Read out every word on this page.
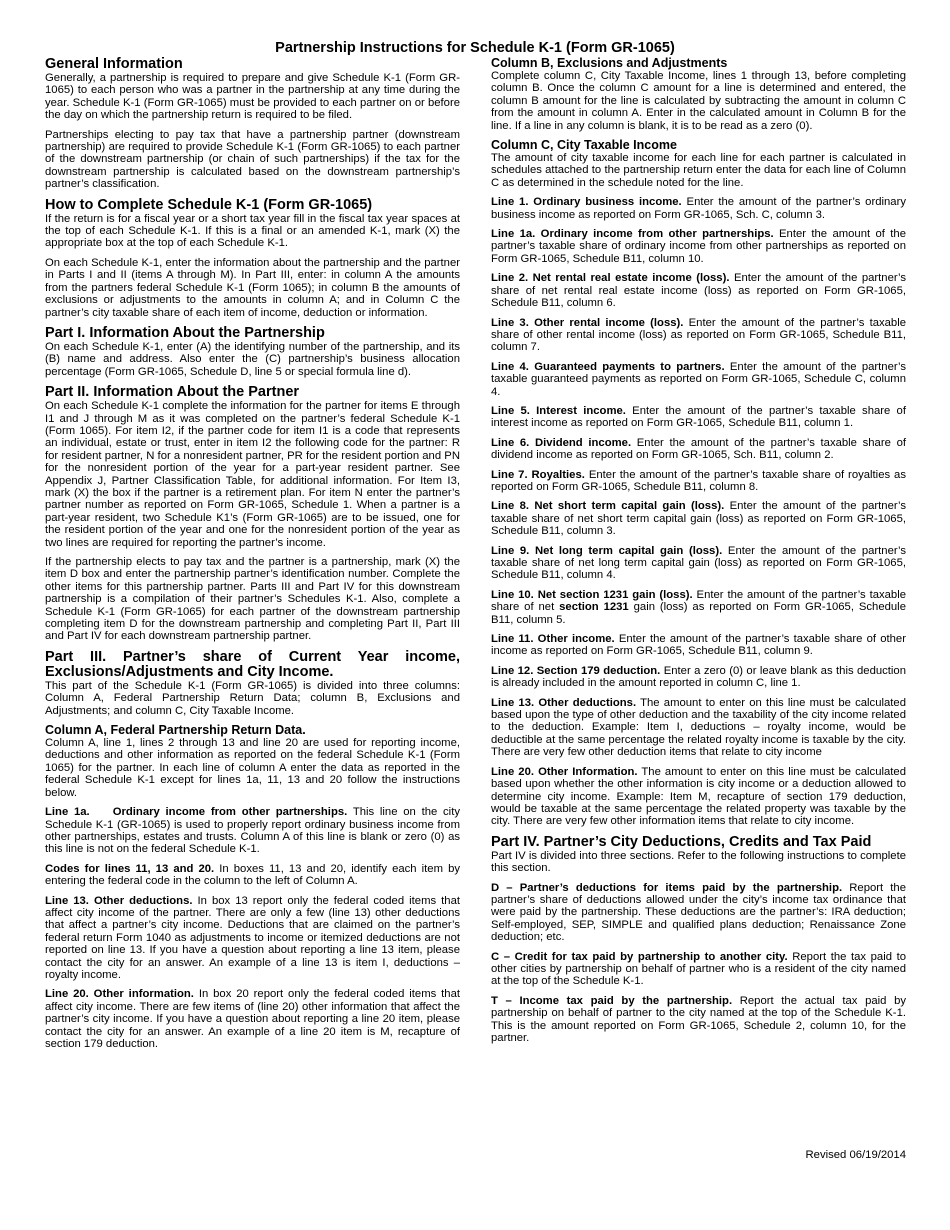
Partnership Instructions for Schedule K-1 (Form GR-1065)
General Information

Generally, a partnership is required to prepare and give Schedule K-1 (Form GR-1065) to each person who was a partner in the partnership at any time during the year. Schedule K-1 (Form GR-1065) must be provided to each partner on or before the day on which the partnership return is required to be filed.

Partnerships electing to pay tax that have a partnership partner (downstream partnership) are required to provide Schedule K-1 (Form GR-1065) to each partner of the downstream partnership (or chain of such partnerships) if the tax for the downstream partnership is calculated based on the downstream partnership’s partner’s classification.

How to Complete Schedule K-1 (Form GR-1065)

If the return is for a fiscal year or a short tax year fill in the fiscal tax year spaces at the top of each Schedule K-1. If this is a final or an amended K-1, mark (X) the appropriate box at the top of each Schedule K-1.

On each Schedule K-1, enter the information about the partnership and the partner in Parts I and II (items A through M). In Part III, enter: in column A the amounts from the partners federal Schedule K-1 (Form 1065); in column B the amounts of exclusions or adjustments to the amounts in column A; and in Column C the partner’s city taxable share of each item of income, deduction or information.

Part I. Information About the Partnership

On each Schedule K-1, enter (A) the identifying number of the partnership, and its (B) name and address. Also enter the (C) partnership’s business allocation percentage (Form GR-1065, Schedule D, line 5 or special formula line d).

Part II. Information About the Partner

On each Schedule K-1 complete the information for the partner for items E through I1 and J through M as it was completed on the partner’s federal Schedule K-1 (Form 1065). For item I2, if the partner code for item I1 is a code that represents an individual, estate or trust, enter in item I2 the following code for the partner: R for resident partner, N for a nonresident partner, PR for the resident portion and PN for the nonresident portion of the year for a part-year resident partner. See Appendix J, Partner Classification Table, for additional information. For Item I3, mark (X) the box if the partner is a retirement plan. For item N enter the partner’s partner number as reported on Form GR-1065, Schedule 1. When a partner is a part-year resident, two Schedule K1’s (Form GR-1065) are to be issued, one for the resident portion of the year and one for the nonresident portion of the year as two lines are required for reporting the partner’s income.

If the partnership elects to pay tax and the partner is a partnership, mark (X) the item D box and enter the partnership partner’s identification number. Complete the other items for this partnership partner. Parts III and Part IV for this downstream partnership is a compilation of their partner’s Schedules K-1. Also, complete a Schedule K-1 (Form GR-1065) for each partner of the downstream partnership completing item D for the downstream partnership and completing Part II, Part III and Part IV for each downstream partnership partner.

Part III. Partner’s share of Current Year income, Exclusions/Adjustments and City Income.

This part of the Schedule K-1 (Form GR-1065) is divided into three columns: Column A, Federal Partnership Return Data; column B, Exclusions and Adjustments; and column C, City Taxable Income.

Column A, Federal Partnership Return Data.

Column A, line 1, lines 2 through 13 and line 20 are used for reporting income, deductions and other information as reported on the federal Schedule K-1 (Form 1065) for the partner. In each line of column A enter the data as reported in the federal Schedule K-1 except for lines 1a, 11, 13 and 20 follow the instructions below.

Line 1a.    Ordinary income from other partnerships. This line on the city Schedule K-1 (GR-1065) is used to properly report ordinary business income from other partnerships, estates and trusts. Column A of this line is blank or zero (0) as this line is not on the federal Schedule K-1.

Codes for lines 11, 13 and 20. In boxes 11, 13 and 20, identify each item by entering the federal code in the column to the left of Column A.

Line 13. Other deductions. In box 13 report only the federal coded items that affect city income of the partner. There are only a few (line 13) other deductions that affect a partner’s city income. Deductions that are claimed on the partner’s federal return Form 1040 as adjustments to income or itemized deductions are not reported on line 13. If you have a question about reporting a line 13 item, please contact the city for an answer. An example of a line 13 is item I, deductions – royalty income.

Line 20. Other information. In box 20 report only the federal coded items that affect city income. There are few items of (line 20) other information that affect the partner’s city income. If you have a question about reporting a line 20 item, please contact the city for an answer. An example of a line 20 item is M, recapture of section 179 deduction.

Column B, Exclusions and Adjustments

Complete column C, City Taxable Income, lines 1 through 13, before completing column B. Once the column C amount for a line is determined and entered, the column B amount for the line is calculated by subtracting the amount in column C from the amount in column A. Enter in the calculated amount in Column B for the line. If a line in any column is blank, it is to be read as a zero (0).

Column C, City Taxable Income

The amount of city taxable income for each line for each partner is calculated in schedules attached to the partnership return enter the data for each line of Column C as determined in the schedule noted for the line.

Line 1. Ordinary business income. Enter the amount of the partner’s ordinary business income as reported on Form GR-1065, Sch. C, column 3.

Line 1a. Ordinary income from other partnerships. Enter the amount of the partner’s taxable share of ordinary income from other partnerships as reported on Form GR-1065, Schedule B11, column 10.

Line 2. Net rental real estate income (loss). Enter the amount of the partner’s share of net rental real estate income (loss) as reported on Form GR-1065, Schedule B11, column 6.

Line 3. Other rental income (loss). Enter the amount of the partner’s taxable share of other rental income (loss) as reported on Form GR-1065, Schedule B11, column 7.

Line 4. Guaranteed payments to partners. Enter the amount of the partner’s taxable guaranteed payments as reported on Form GR-1065, Schedule C, column 4.

Line 5. Interest income. Enter the amount of the partner’s taxable share of interest income as reported on Form GR-1065, Schedule B11, column 1.

Line 6. Dividend income. Enter the amount of the partner’s taxable share of dividend income as reported on Form GR-1065, Sch. B11, column 2.

Line 7. Royalties. Enter the amount of the partner’s taxable share of royalties as reported on Form GR-1065, Schedule B11, column 8.

Line 8. Net short term capital gain (loss). Enter the amount of the partner’s taxable share of net short term capital gain (loss) as reported on Form GR-1065, Schedule B11, column 3.

Line 9. Net long term capital gain (loss). Enter the amount of the partner’s taxable share of net long term capital gain (loss) as reported on Form GR-1065, Schedule B11, column 4.

Line 10. Net section 1231 gain (loss). Enter the amount of the partner’s taxable share of net section 1231 gain (loss) as reported on Form GR-1065, Schedule B11, column 5.

Line 11. Other income. Enter the amount of the partner’s taxable share of other income as reported on Form GR-1065, Schedule B11, column 9.

Line 12. Section 179 deduction. Enter a zero (0) or leave blank as this deduction is already included in the amount reported in column C, line 1.

Line 13. Other deductions. The amount to enter on this line must be calculated based upon the type of other deduction and the taxability of the city income related to the deduction. Example: Item I, deductions – royalty income, would be deductible at the same percentage the related royalty income is taxable by the city. There are very few other deduction items that relate to city income

Line 20. Other Information. The amount to enter on this line must be calculated based upon whether the other information is city income or a deduction allowed to determine city income. Example: Item M, recapture of section 179 deduction, would be taxable at the same percentage the related property was taxable by the city. There are very few other information items that relate to city income.

Part IV. Partner’s City Deductions, Credits and Tax Paid

Part IV is divided into three sections. Refer to the following instructions to complete this section.

D – Partner’s deductions for items paid by the partnership. Report the partner’s share of deductions allowed under the city’s income tax ordinance that were paid by the partnership. These deductions are the partner’s: IRA deduction; Self-employed, SEP, SIMPLE and qualified plans deduction; Renaissance Zone deduction; etc.

C – Credit for tax paid by partnership to another city. Report the tax paid to other cities by partnership on behalf of partner who is a resident of the city named at the top of the Schedule K-1.

T – Income tax paid by the partnership. Report the actual tax paid by partnership on behalf of partner to the city named at the top of the Schedule K-1. This is the amount reported on Form GR-1065, Schedule 2, column 10, for the partner.

Revised 06/19/2014
